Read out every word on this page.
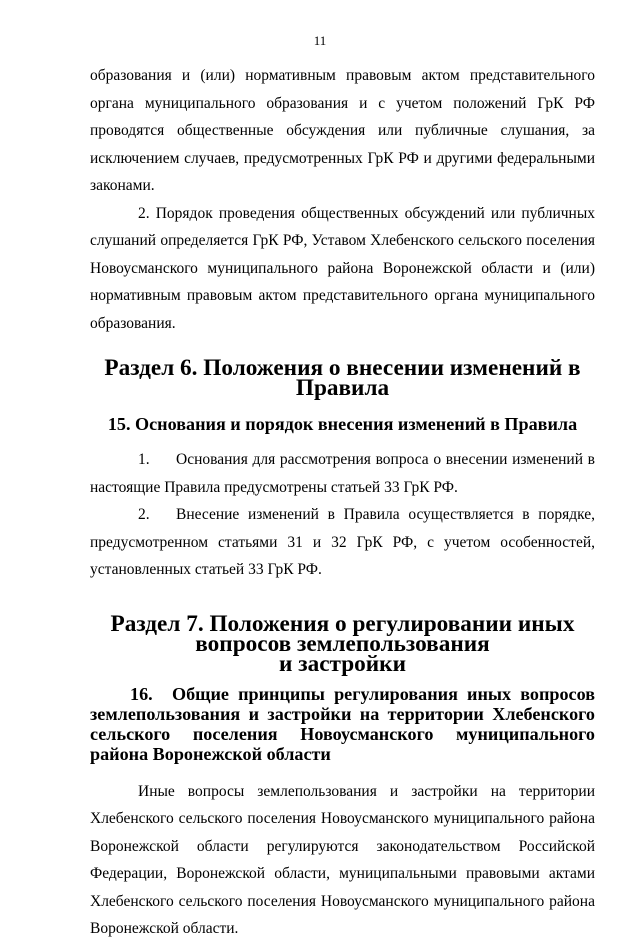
11

образования и (или) нормативным правовым актом представительного органа муниципального образования и с учетом положений ГрК РФ проводятся общественные обсуждения или публичные слушания, за исключением случаев, предусмотренных ГрК РФ и другими федеральными законами.

2. Порядок проведения общественных обсуждений или публичных слушаний определяется ГрК РФ, Уставом Хлебенского сельского поселения Новоусманского муниципального района Воронежской области и (или) нормативным правовым актом представительного органа муниципального образования.

Раздел 6. Положения о внесении изменений в Правила
15. Основания и порядок внесения изменений в Правила

1. Основания для рассмотрения вопроса о внесении изменений в настоящие Правила предусмотрены статьей 33 ГрК РФ.

2. Внесение изменений в Правила осуществляется в порядке, предусмотренном статьями 31 и 32 ГрК РФ, с учетом особенностей, установленных статьей 33 ГрК РФ.

Раздел 7. Положения о регулировании иных вопросов землепользования
и застройки
16. Общие принципы регулирования иных вопросов землепользования и застройки на территории Хлебенского сельского поселения Новоусманского муниципального района Воронежской области

Иные вопросы землепользования и застройки на территории Хлебенского сельского поселения Новоусманского муниципального района Воронежской области регулируются законодательством Российской Федерации, Воронежской области, муниципальными правовыми актами Хлебенского сельского поселения Новоусманского муниципального района Воронежской области.
